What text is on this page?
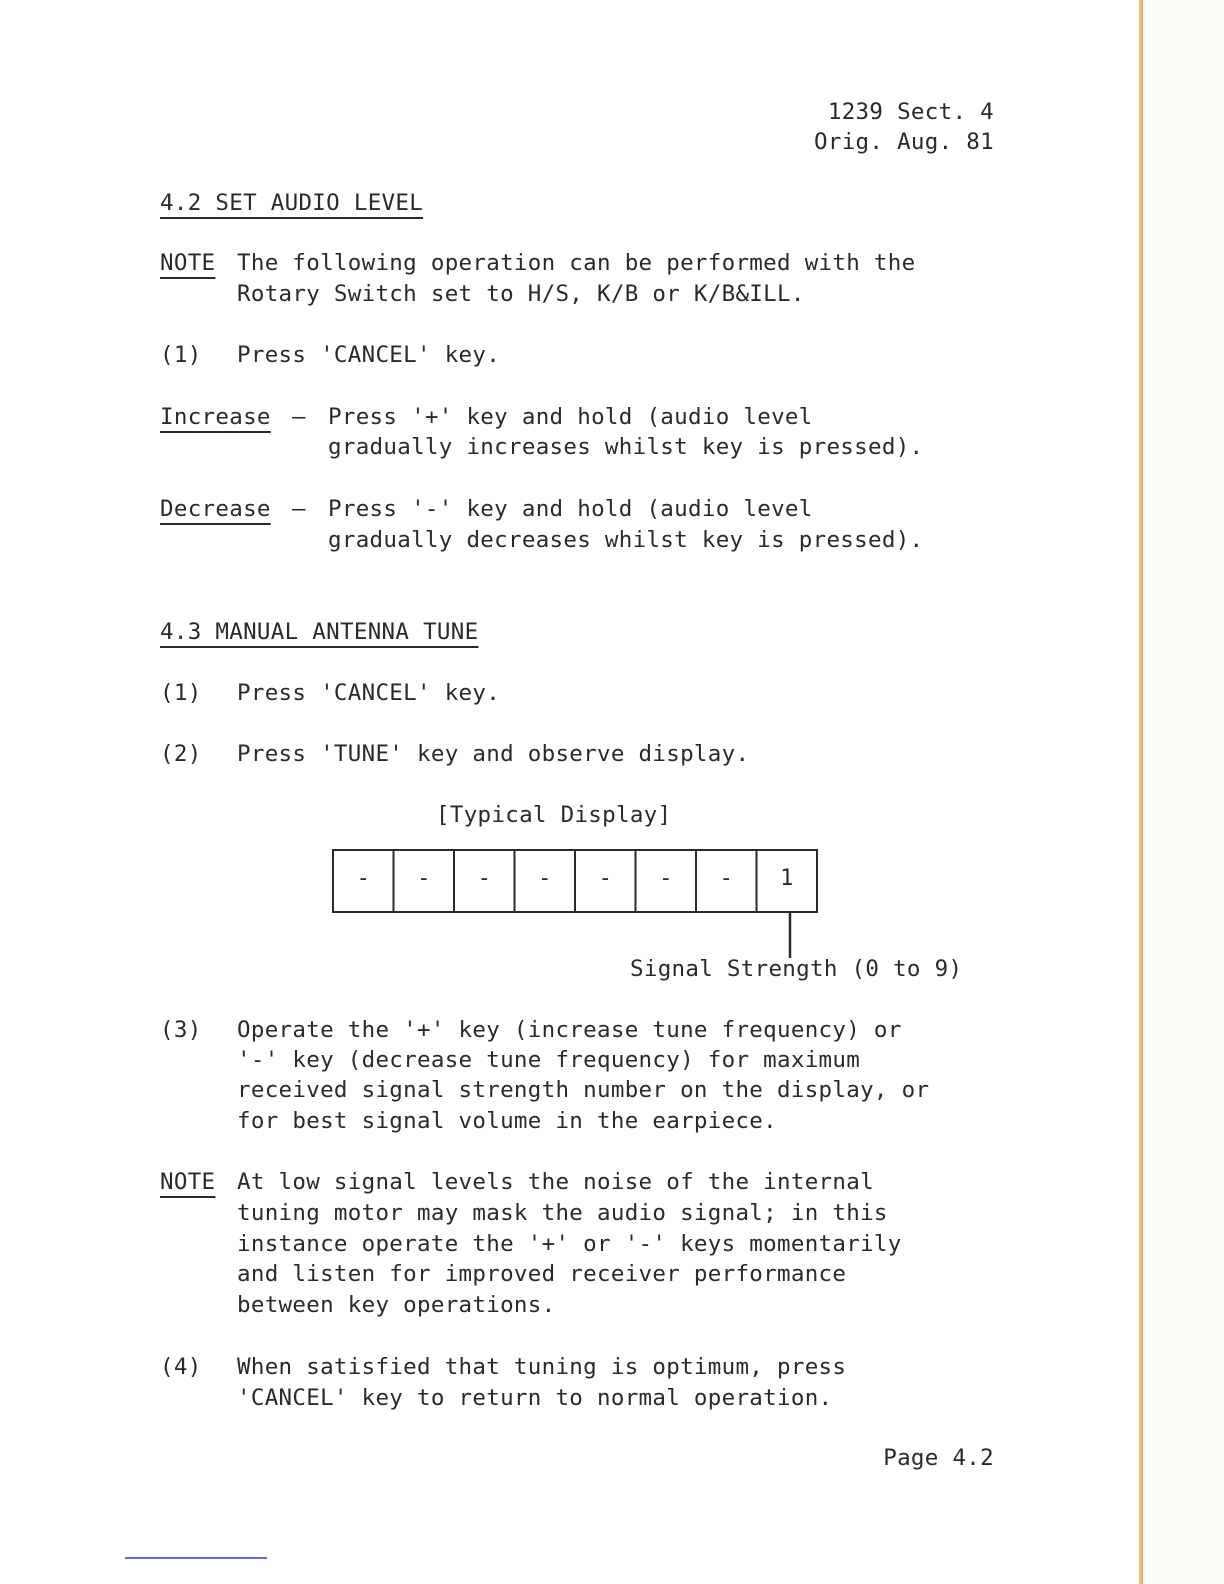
1239 Sect. 4
Orig. Aug. 81
4.2 SET AUDIO LEVEL
NOTE The following operation can be performed with the
Rotary Switch set to H/S, K/B or K/B&ILL.
(1) Press 'CANCEL' key.
Increase – Press '+' key and hold (audio level
gradually increases whilst key is pressed).
Decrease – Press '-' key and hold (audio level
gradually decreases whilst key is pressed).
4.3 MANUAL ANTENNA TUNE
(1) Press 'CANCEL' key.
(2) Press 'TUNE' key and observe display.
[Typical Display]
- - - - - - - 1
Signal Strength (0 to 9)
(3) Operate the '+' key (increase tune frequency) or
'-' key (decrease tune frequency) for maximum
received signal strength number on the display, or
for best signal volume in the earpiece.
NOTE At low signal levels the noise of the internal
tuning motor may mask the audio signal; in this
instance operate the '+' or '-' keys momentarily
and listen for improved receiver performance
between key operations.
(4) When satisfied that tuning is optimum, press
'CANCEL' key to return to normal operation.
Page 4.2
